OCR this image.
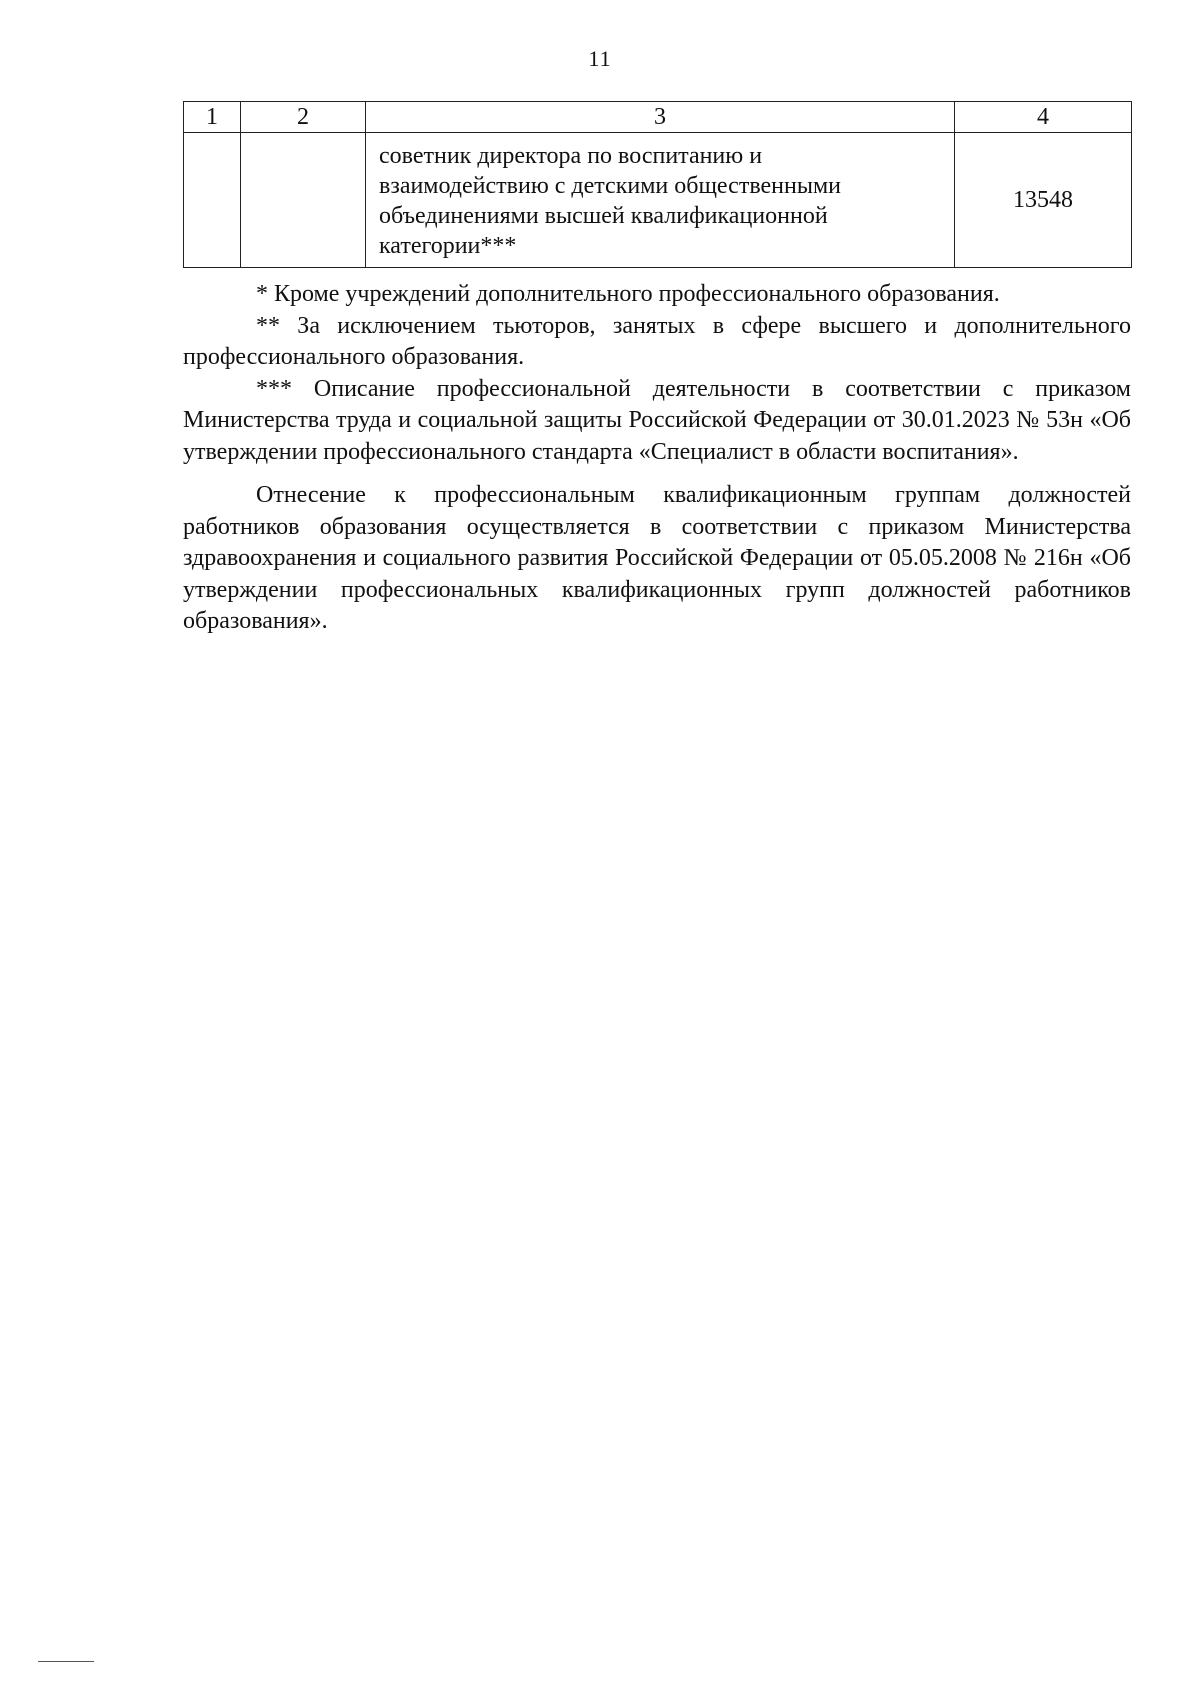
11
1	2	3	4

		советник директора по воспитанию и
взаимодействию с детскими общественными
объединениями высшей квалификационной
категории***	13548

* Кроме учреждений дополнительного профессионального образования.

** За исключением тьюторов, занятых в сфере высшего и дополнительного профессионального образования.

*** Описание профессиональной деятельности в соответствии с приказом Министерства труда и социальной защиты Российской Федерации от 30.01.2023 № 53н «Об утверждении профессионального стандарта «Специалист в области воспитания».

Отнесение к профессиональным квалификационным группам должностей работников образования осуществляется в соответствии с приказом Министерства здравоохранения и социального развития Российской Федерации от 05.05.2008 № 216н «Об утверждении профессиональных квалификационных групп должностей работников образования».
